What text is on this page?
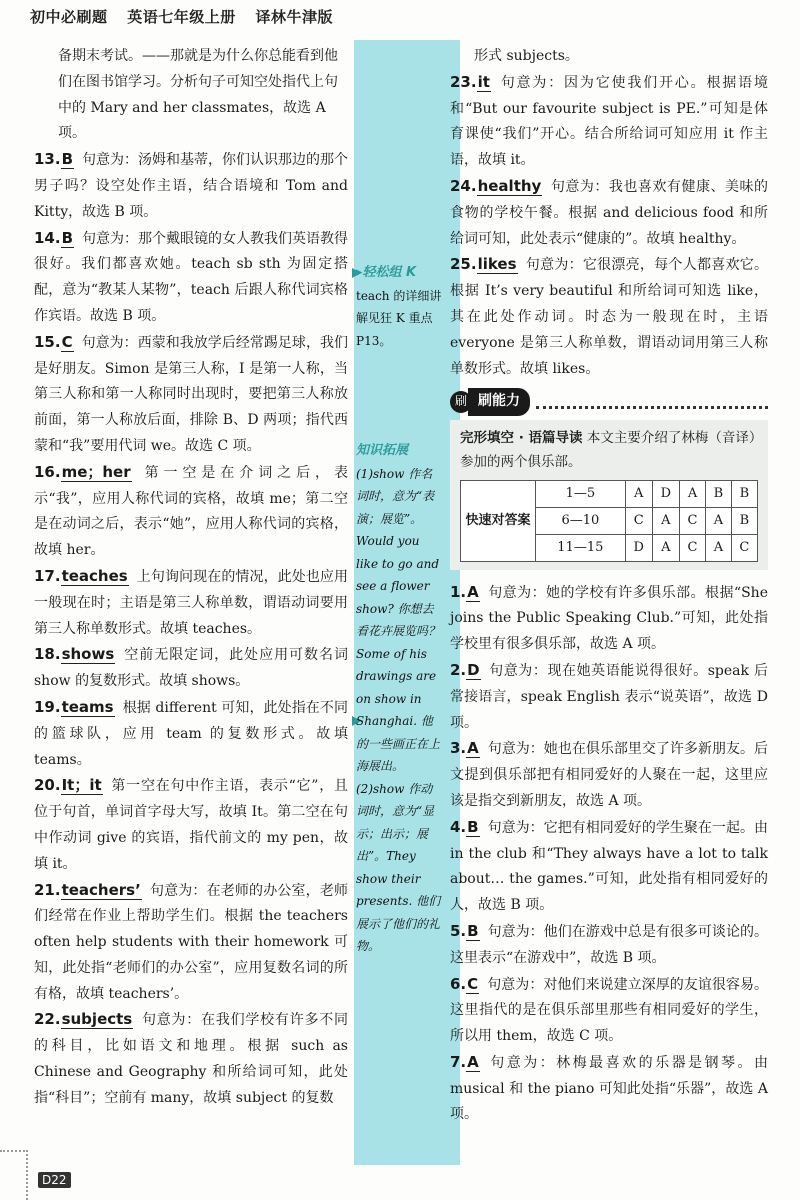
初中必刷题 英语七年级上册 译林牛津版
▸轻松组 K
teach 的详细讲解见狂 K 重点 P13。
知识拓展
(1)show 作名词时，意为“表演；展览”。Would you like to go and see a flower show? 你想去看花卉展览吗？Some of his drawings are on show in Shanghai. 他的一些画正在上海展出。(2)show 作动词时，意为“显示；出示；展出”。They show their presents. 他们展示了他们的礼物。

备期末考试。——那就是为什么你总能看到他们在图书馆学习。分析句子可知空处指代上句中的 Mary and her classmates，故选 A 项。

13.B 句意为：汤姆和基蒂，你们认识那边的那个男子吗？设空处作主语，结合语境和 Tom and Kitty，故选 B 项。

14.B 句意为：那个戴眼镜的女人教我们英语教得很好。我们都喜欢她。teach sb sth 为固定搭配，意为“教某人某物”，teach 后跟人称代词宾格作宾语。故选 B 项。

15.C 句意为：西蒙和我放学后经常踢足球，我们是好朋友。Simon 是第三人称，I 是第一人称，当第三人称和第一人称同时出现时，要把第三人称放前面，第一人称放后面，排除 B、D 两项；指代西蒙和“我”要用代词 we。故选 C 项。

16.me；her 第一空是在介词之后，表示“我”，应用人称代词的宾格，故填 me；第二空是在动词之后，表示“她”，应用人称代词的宾格，故填 her。

17.teaches 上句询问现在的情况，此处也应用一般现在时；主语是第三人称单数，谓语动词要用第三人称单数形式。故填 teaches。

18.shows 空前无限定词，此处应用可数名词 show 的复数形式。故填 shows。

19.teams 根据 different 可知，此处指在不同的篮球队，应用 team 的复数形式。故填 teams。

20.It；it 第一空在句中作主语，表示“它”，且位于句首，单词首字母大写，故填 It。第二空在句中作动词 give 的宾语，指代前文的 my pen，故填 it。

21.teachers’ 句意为：在老师的办公室，老师们经常在作业上帮助学生们。根据 the teachers often help students with their homework 可知，此处指“老师们的办公室”，应用复数名词的所有格，故填 teachers’。

22.subjects 句意为：在我们学校有许多不同的科目，比如语文和地理。根据 such as Chinese and Geography 和所给词可知，此处指“科目”；空前有 many，故填 subject 的复数

形式 subjects。

23.it 句意为：因为它使我们开心。根据语境和“But our favourite subject is PE.”可知是体育课使“我们”开心。结合所给词可知应用 it 作主语，故填 it。

24.healthy 句意为：我也喜欢有健康、美味的食物的学校午餐。根据 and delicious food 和所给词可知，此处表示“健康的”。故填 healthy。

25.likes 句意为：它很漂亮，每个人都喜欢它。根据 It’s very beautiful 和所给词可知选 like，其在此处作动词。时态为一般现在时，主语 everyone 是第三人称单数，谓语动词用第三人称单数形式。故填 likes。

刷 刷能力
完形填空 · 语篇导读 本文主要介绍了林梅（音译）参加的两个俱乐部。
快速对答案	1—5	A	D	A	B	B
	6—10	C	A	C	A	B
	11—15	D	A	C	A	C

1.A 句意为：她的学校有许多俱乐部。根据“She joins the Public Speaking Club.”可知，此处指学校里有很多俱乐部，故选 A 项。

2.D 句意为：现在她英语能说得很好。speak 后常接语言，speak English 表示“说英语”，故选 D 项。

3.A 句意为：她也在俱乐部里交了许多新朋友。后文提到俱乐部把有相同爱好的人聚在一起，这里应该是指交到新朋友，故选 A 项。

4.B 句意为：它把有相同爱好的学生聚在一起。由 in the club 和“They always have a lot to talk about… the games.”可知，此处指有相同爱好的人，故选 B 项。

5.B 句意为：他们在游戏中总是有很多可谈论的。这里表示“在游戏中”，故选 B 项。

6.C 句意为：对他们来说建立深厚的友谊很容易。这里指代的是在俱乐部里那些有相同爱好的学生，所以用 them，故选 C 项。

7.A 句意为：林梅最喜欢的乐器是钢琴。由 musical 和 the piano 可知此处指“乐器”，故选 A 项。

D22
